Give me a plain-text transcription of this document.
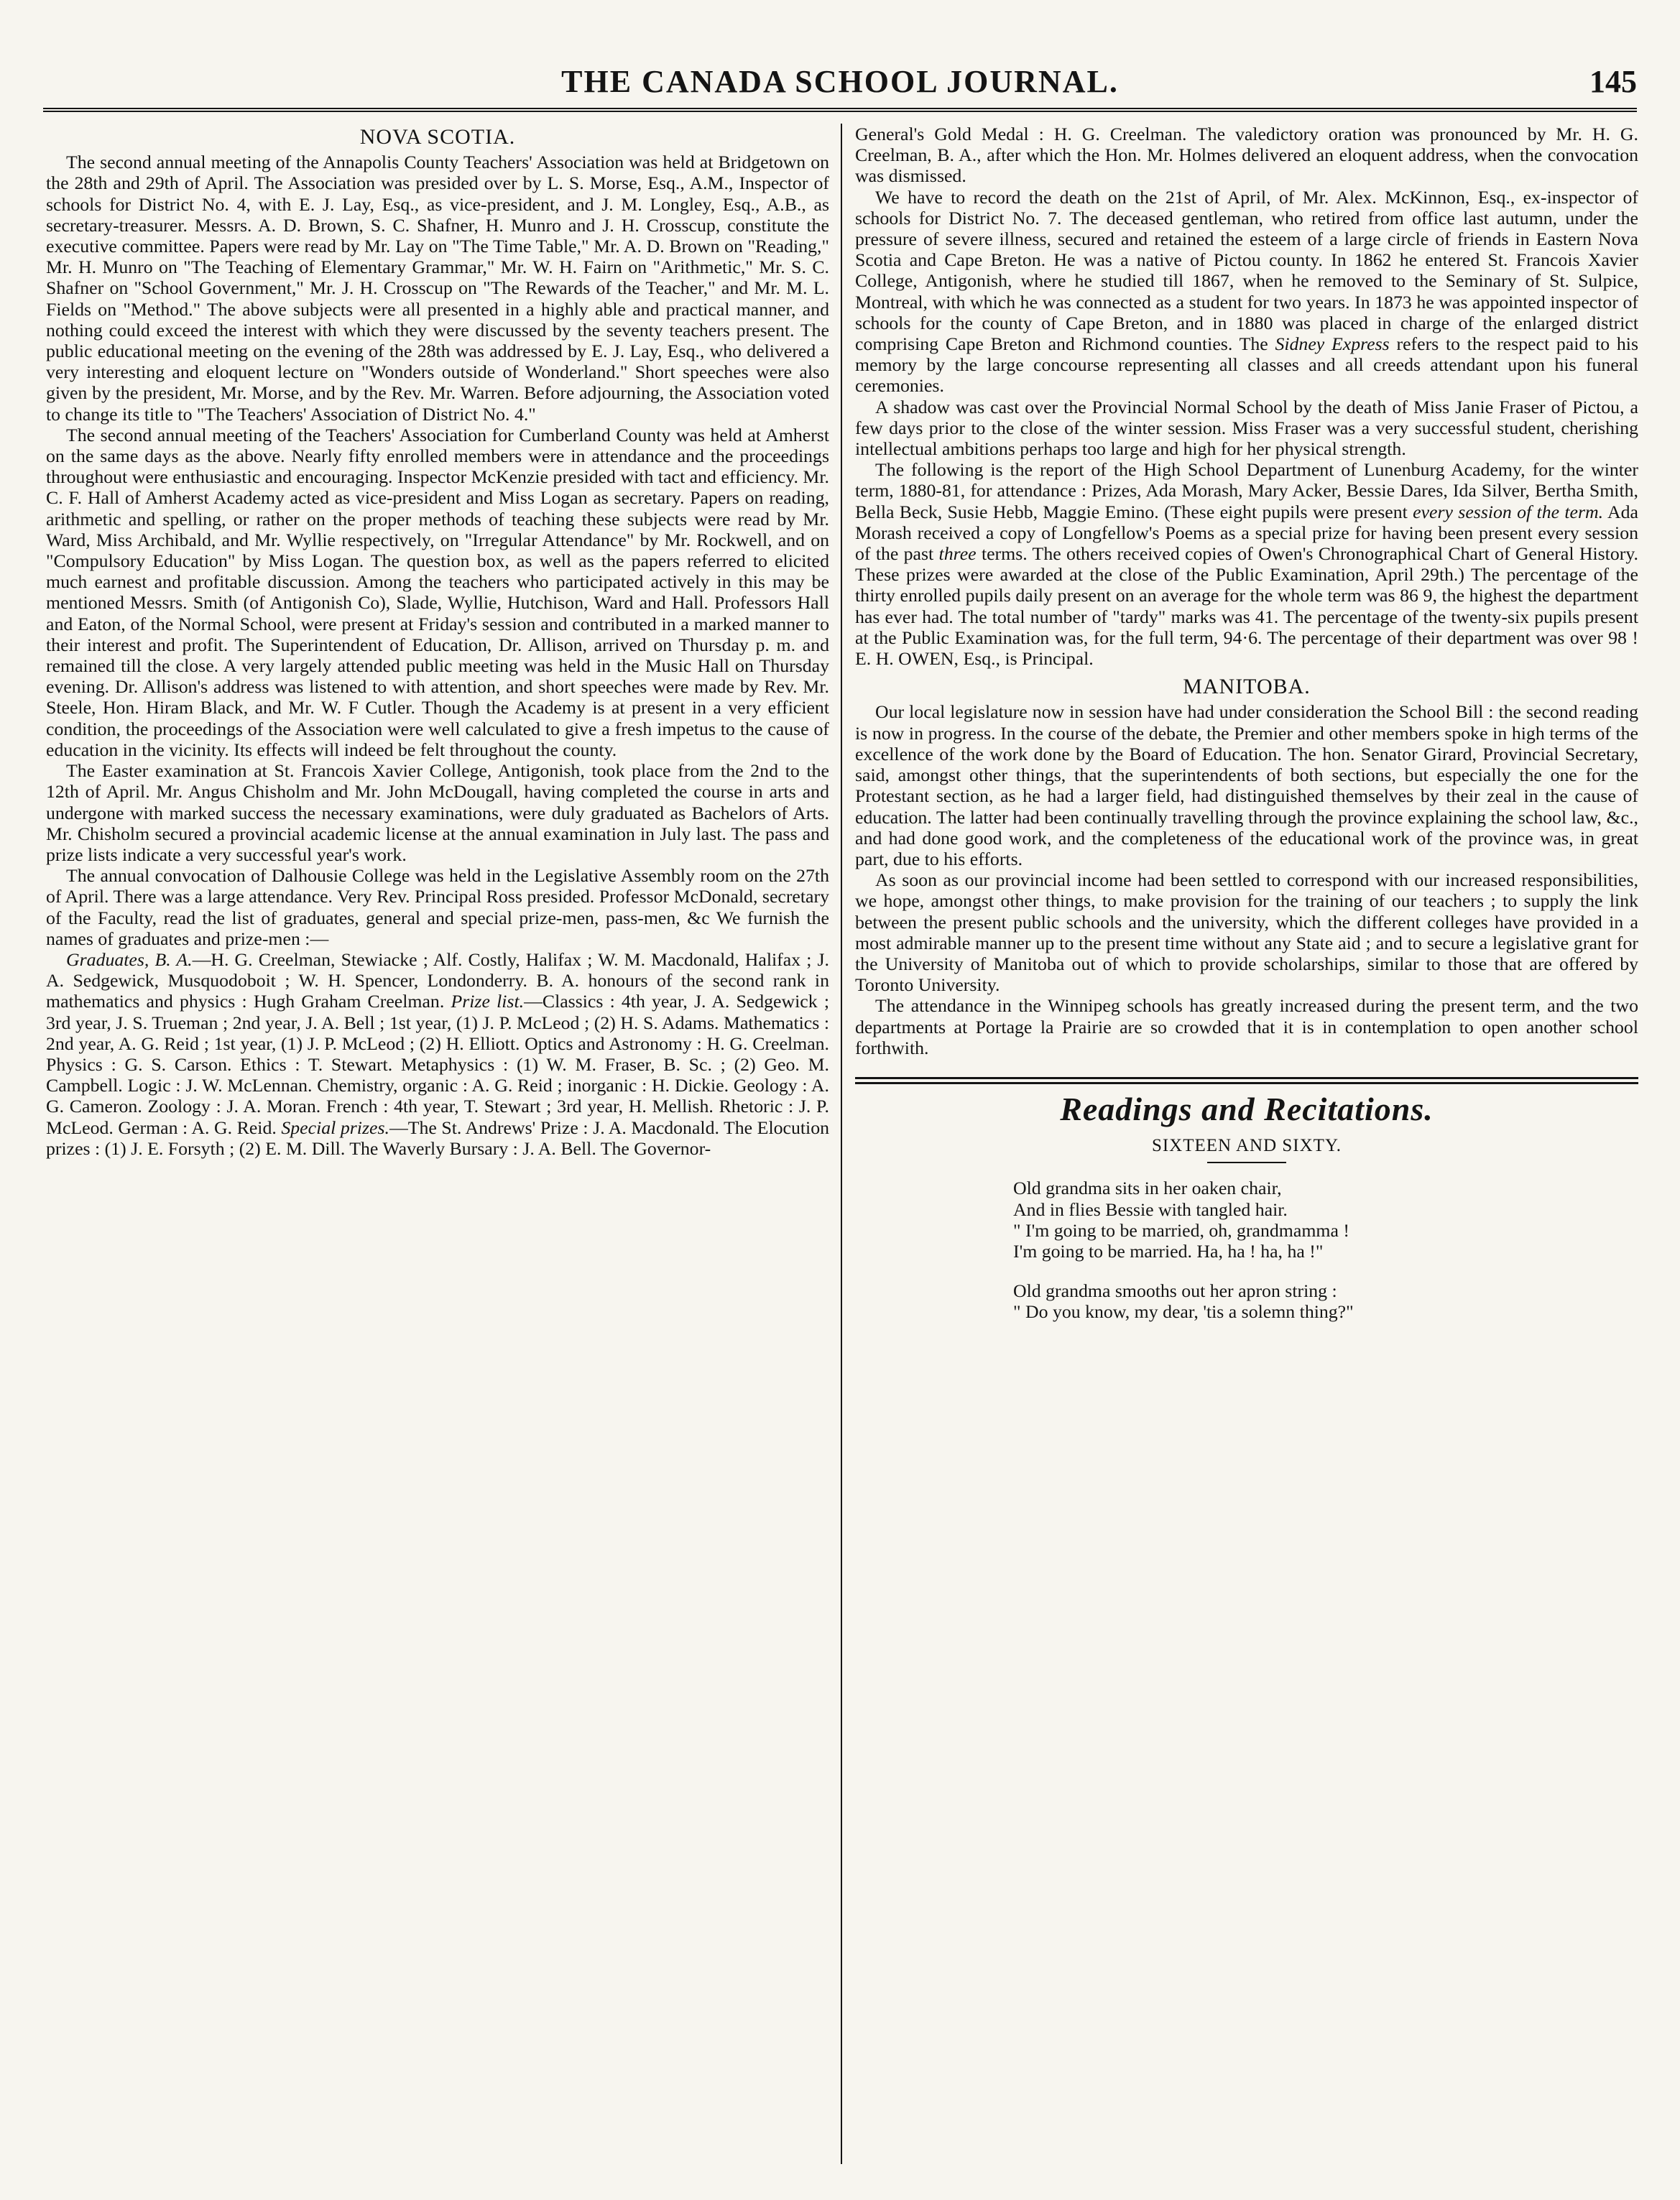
THE CANADA SCHOOL JOURNAL.	145
NOVA SCOTIA.

The second annual meeting of the Annapolis County Teachers' Association was held at Bridgetown on the 28th and 29th of April. The Association was presided over by L. S. Morse, Esq., A.M., Inspector of schools for District No. 4, with E. J. Lay, Esq., as vice-president, and J. M. Longley, Esq., A.B., as secretary-treasurer. Messrs. A. D. Brown, S. C. Shafner, H. Munro and J. H. Crosscup, constitute the executive committee. Papers were read by Mr. Lay on "The Time Table," Mr. A. D. Brown on "Reading," Mr. H. Munro on "The Teaching of Elementary Grammar," Mr. W. H. Fairn on "Arithmetic," Mr. S. C. Shafner on "School Government," Mr. J. H. Crosscup on "The Rewards of the Teacher," and Mr. M. L. Fields on "Method." The above subjects were all presented in a highly able and practical manner, and nothing could exceed the interest with which they were discussed by the seventy teachers present. The public educational meeting on the evening of the 28th was addressed by E. J. Lay, Esq., who delivered a very interesting and eloquent lecture on "Wonders outside of Wonderland." Short speeches were also given by the president, Mr. Morse, and by the Rev. Mr. Warren. Before adjourning, the Association voted to change its title to "The Teachers' Association of District No. 4."

The second annual meeting of the Teachers' Association for Cumberland County was held at Amherst on the same days as the above. Nearly fifty enrolled members were in attendance and the proceedings throughout were enthusiastic and encouraging. Inspector McKenzie presided with tact and efficiency. Mr. C. F. Hall of Amherst Academy acted as vice-president and Miss Logan as secretary. Papers on reading, arithmetic and spelling, or rather on the proper methods of teaching these subjects were read by Mr. Ward, Miss Archibald, and Mr. Wyllie respectively, on "Irregular Attendance" by Mr. Rockwell, and on "Compulsory Education" by Miss Logan. The question box, as well as the papers referred to elicited much earnest and profitable discussion. Among the teachers who participated actively in this may be mentioned Messrs. Smith (of Antigonish Co), Slade, Wyllie, Hutchison, Ward and Hall. Professors Hall and Eaton, of the Normal School, were present at Friday's session and contributed in a marked manner to their interest and profit. The Superintendent of Education, Dr. Allison, arrived on Thursday p. m. and remained till the close. A very largely attended public meeting was held in the Music Hall on Thursday evening. Dr. Allison's address was listened to with attention, and short speeches were made by Rev. Mr. Steele, Hon. Hiram Black, and Mr. W. F Cutler. Though the Academy is at present in a very efficient condition, the proceedings of the Association were well calculated to give a fresh impetus to the cause of education in the vicinity. Its effects will indeed be felt throughout the county.

The Easter examination at St. Francois Xavier College, Antigonish, took place from the 2nd to the 12th of April. Mr. Angus Chisholm and Mr. John McDougall, having completed the course in arts and undergone with marked success the necessary examinations, were duly graduated as Bachelors of Arts. Mr. Chisholm secured a provincial academic license at the annual examination in July last. The pass and prize lists indicate a very successful year's work.

The annual convocation of Dalhousie College was held in the Legislative Assembly room on the 27th of April. There was a large attendance. Very Rev. Principal Ross presided. Professor McDonald, secretary of the Faculty, read the list of graduates, general and special prize-men, pass-men, &c We furnish the names of graduates and prize-men :—

Graduates, B. A.—H. G. Creelman, Stewiacke ; Alf. Costly, Halifax ; W. M. Macdonald, Halifax ; J. A. Sedgewick, Musquodoboit ; W. H. Spencer, Londonderry. B. A. honours of the second rank in mathematics and physics : Hugh Graham Creelman. Prize list.—Classics : 4th year, J. A. Sedgewick ; 3rd year, J. S. Trueman ; 2nd year, J. A. Bell ; 1st year, (1) J. P. McLeod ; (2) H. S. Adams. Mathematics : 2nd year, A. G. Reid ; 1st year, (1) J. P. McLeod ; (2) H. Elliott. Optics and Astronomy : H. G. Creelman. Physics : G. S. Carson. Ethics : T. Stewart. Metaphysics : (1) W. M. Fraser, B. Sc. ; (2) Geo. M. Campbell. Logic : J. W. McLennan. Chemistry, organic : A. G. Reid ; inorganic : H. Dickie. Geology : A. G. Cameron. Zoology : J. A. Moran. French : 4th year, T. Stewart ; 3rd year, H. Mellish. Rhetoric : J. P. McLeod. German : A. G. Reid. Special prizes.—The St. Andrews' Prize : J. A. Macdonald. The Elocution prizes : (1) J. E. Forsyth ; (2) E. M. Dill. The Waverly Bursary : J. A. Bell. The Governor-

General's Gold Medal : H. G. Creelman. The valedictory oration was pronounced by Mr. H. G. Creelman, B. A., after which the Hon. Mr. Holmes delivered an eloquent address, when the convocation was dismissed.

We have to record the death on the 21st of April, of Mr. Alex. McKinnon, Esq., ex-inspector of schools for District No. 7. The deceased gentleman, who retired from office last autumn, under the pressure of severe illness, secured and retained the esteem of a large circle of friends in Eastern Nova Scotia and Cape Breton. He was a native of Pictou county. In 1862 he entered St. Francois Xavier College, Antigonish, where he studied till 1867, when he removed to the Seminary of St. Sulpice, Montreal, with which he was connected as a student for two years. In 1873 he was appointed inspector of schools for the county of Cape Breton, and in 1880 was placed in charge of the enlarged district comprising Cape Breton and Richmond counties. The Sidney Express refers to the respect paid to his memory by the large concourse representing all classes and all creeds attendant upon his funeral ceremonies.

A shadow was cast over the Provincial Normal School by the death of Miss Janie Fraser of Pictou, a few days prior to the close of the winter session. Miss Fraser was a very successful student, cherishing intellectual ambitions perhaps too large and high for her physical strength.

The following is the report of the High School Department of Lunenburg Academy, for the winter term, 1880-81, for attendance : Prizes, Ada Morash, Mary Acker, Bessie Dares, Ida Silver, Bertha Smith, Bella Beck, Susie Hebb, Maggie Emino. (These eight pupils were present every session of the term. Ada Morash received a copy of Longfellow's Poems as a special prize for having been present every session of the past three terms. The others received copies of Owen's Chronographical Chart of General History. These prizes were awarded at the close of the Public Examination, April 29th.) The percentage of the thirty enrolled pupils daily present on an average for the whole term was 86 9, the highest the department has ever had. The total number of "tardy" marks was 41. The percentage of the twenty-six pupils present at the Public Examination was, for the full term, 94·6. The percentage of their department was over 98 ! E. H. OWEN, Esq., is Principal.

MANITOBA.

Our local legislature now in session have had under consideration the School Bill : the second reading is now in progress. In the course of the debate, the Premier and other members spoke in high terms of the excellence of the work done by the Board of Education. The hon. Senator Girard, Provincial Secretary, said, amongst other things, that the superintendents of both sections, but especially the one for the Protestant section, as he had a larger field, had distinguished themselves by their zeal in the cause of education. The latter had been continually travelling through the province explaining the school law, &c., and had done good work, and the completeness of the educational work of the province was, in great part, due to his efforts.

As soon as our provincial income had been settled to correspond with our increased responsibilities, we hope, amongst other things, to make provision for the training of our teachers ; to supply the link between the present public schools and the university, which the different colleges have provided in a most admirable manner up to the present time without any State aid ; and to secure a legislative grant for the University of Manitoba out of which to provide scholarships, similar to those that are offered by Toronto University.

The attendance in the Winnipeg schools has greatly increased during the present term, and the two departments at Portage la Prairie are so crowded that it is in contemplation to open another school forthwith.

Readings and Recitations.
SIXTEEN AND SIXTY.
Old grandma sits in her oaken chair,
And in flies Bessie with tangled hair.
" I'm going to be married, oh, grandmamma !
I'm going to be married. Ha, ha ! ha, ha !"
Old grandma smooths out her apron string :
" Do you know, my dear, 'tis a solemn thing?"
